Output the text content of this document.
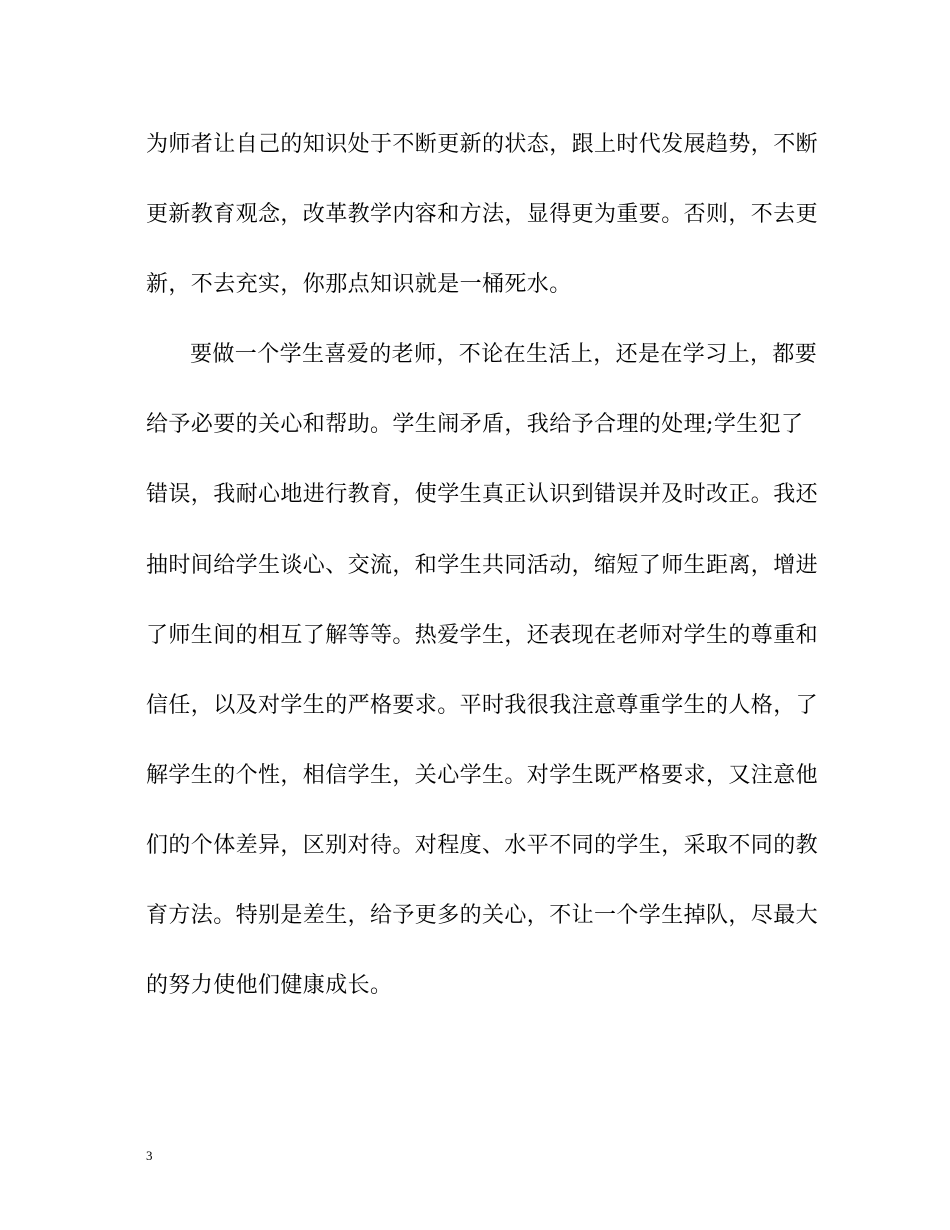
为师者让自己的知识处于不断更新的状态，跟上时代发展趋势，不断
更新教育观念，改革教学内容和方法，显得更为重要。否则，不去更
新，不去充实，你那点知识就是一桶死水。
要做一个学生喜爱的老师，不论在生活上，还是在学习上，都要
给予必要的关心和帮助。学生闹矛盾，我给予合理的处理;学生犯了
错误，我耐心地进行教育，使学生真正认识到错误并及时改正。我还
抽时间给学生谈心、交流，和学生共同活动，缩短了师生距离，增进
了师生间的相互了解等等。热爱学生，还表现在老师对学生的尊重和
信任，以及对学生的严格要求。平时我很我注意尊重学生的人格，了
解学生的个性，相信学生，关心学生。对学生既严格要求，又注意他
们的个体差异，区别对待。对程度、水平不同的学生，采取不同的教
育方法。特别是差生，给予更多的关心，不让一个学生掉队，尽最大
的努力使他们健康成长。
3
